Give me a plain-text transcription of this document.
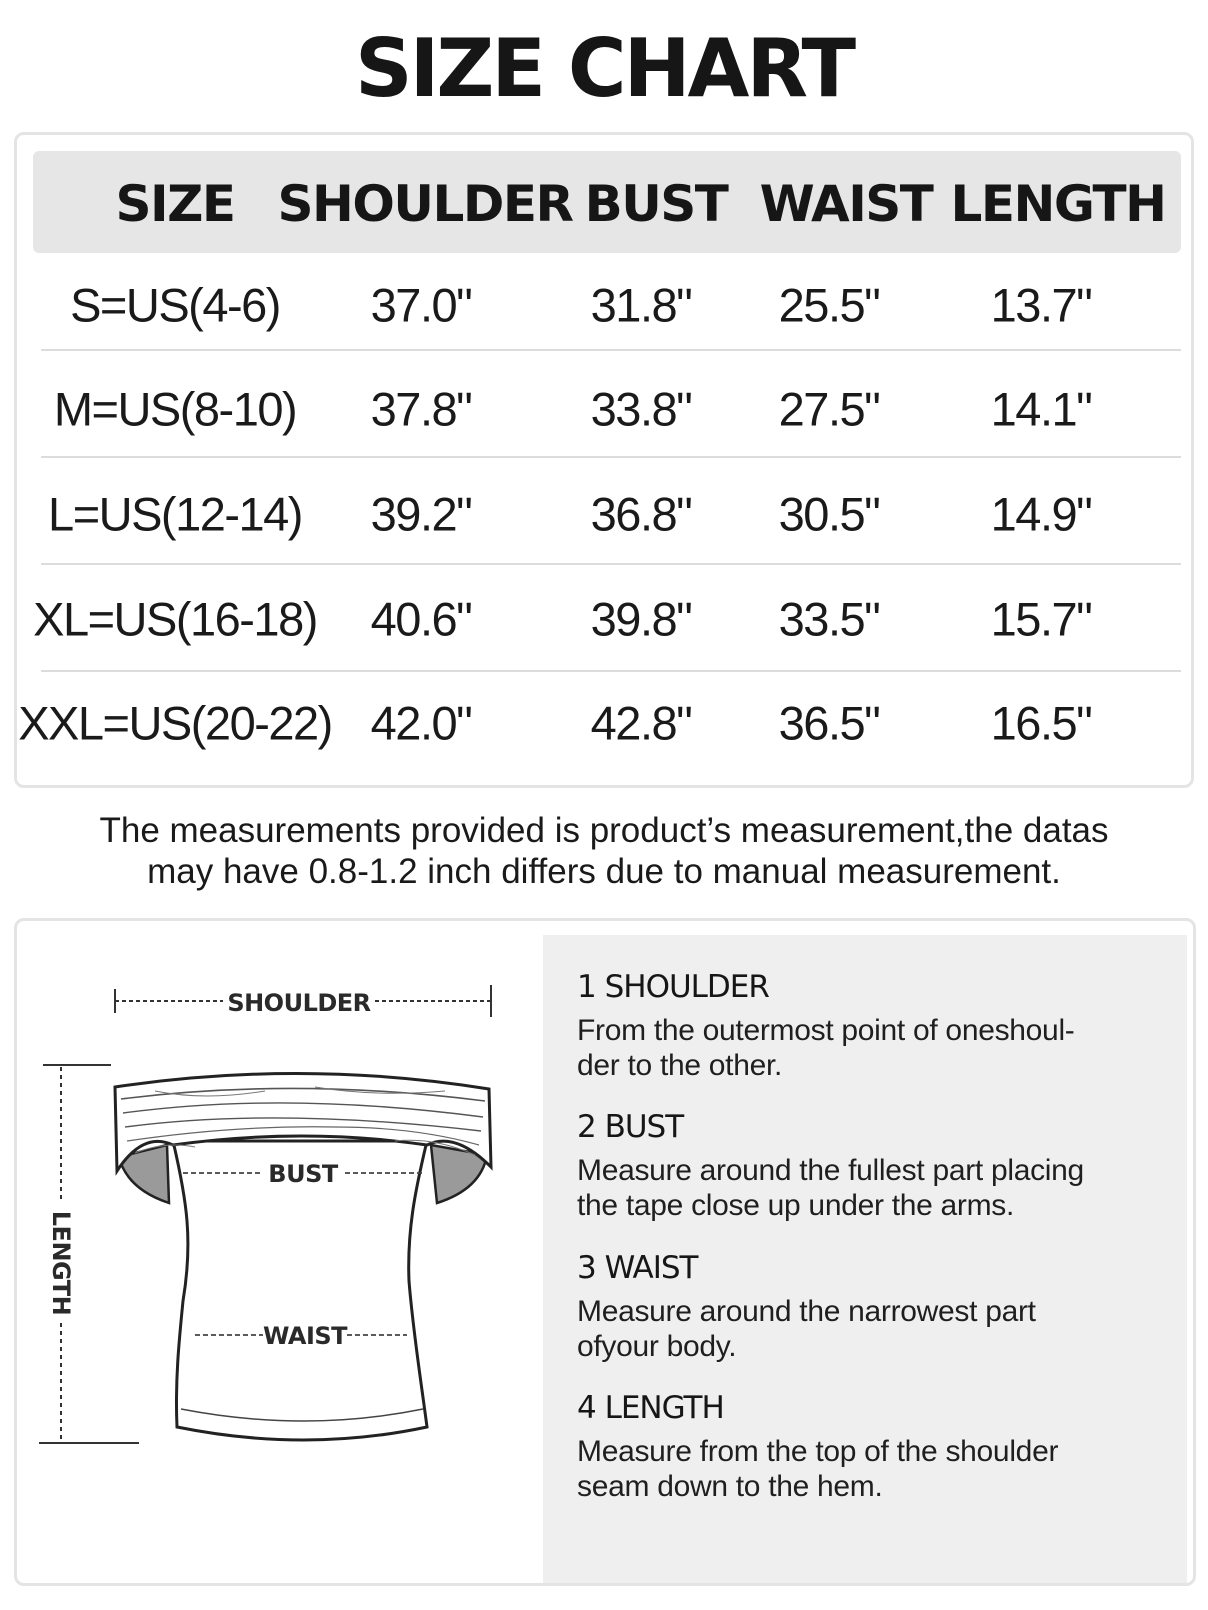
SIZE CHART
SIZE SHOULDER BUST WAIST LENGTH
S=US(4-6) 37.0"	31.8" 25.5" 13.7"
M=US(8-10) 37.8"	33.8" 27.5" 14.1"
L=US(12-14) 39.2"	36.8" 30.5" 14.9"
XL=US(16-18) 40.6"	39.8" 33.5" 15.7"
XXL=US(20-22) 42.0"	42.8" 36.5" 16.5"
The measurements provided is product’s measurement,the datas
may have 0.8-1.2 inch differs due to manual measurement.
SHOULDER
LENGTH
BUST
WAIST
1 SHOULDER
From the outermost point of oneshoul-
der to the other.
2 BUST
Measure around the fullest part placing
the tape close up under the arms.
3 WAIST
Measure around the narrowest part
ofyour body.
4 LENGTH
Measure from the top of the shoulder
seam down to the hem.
